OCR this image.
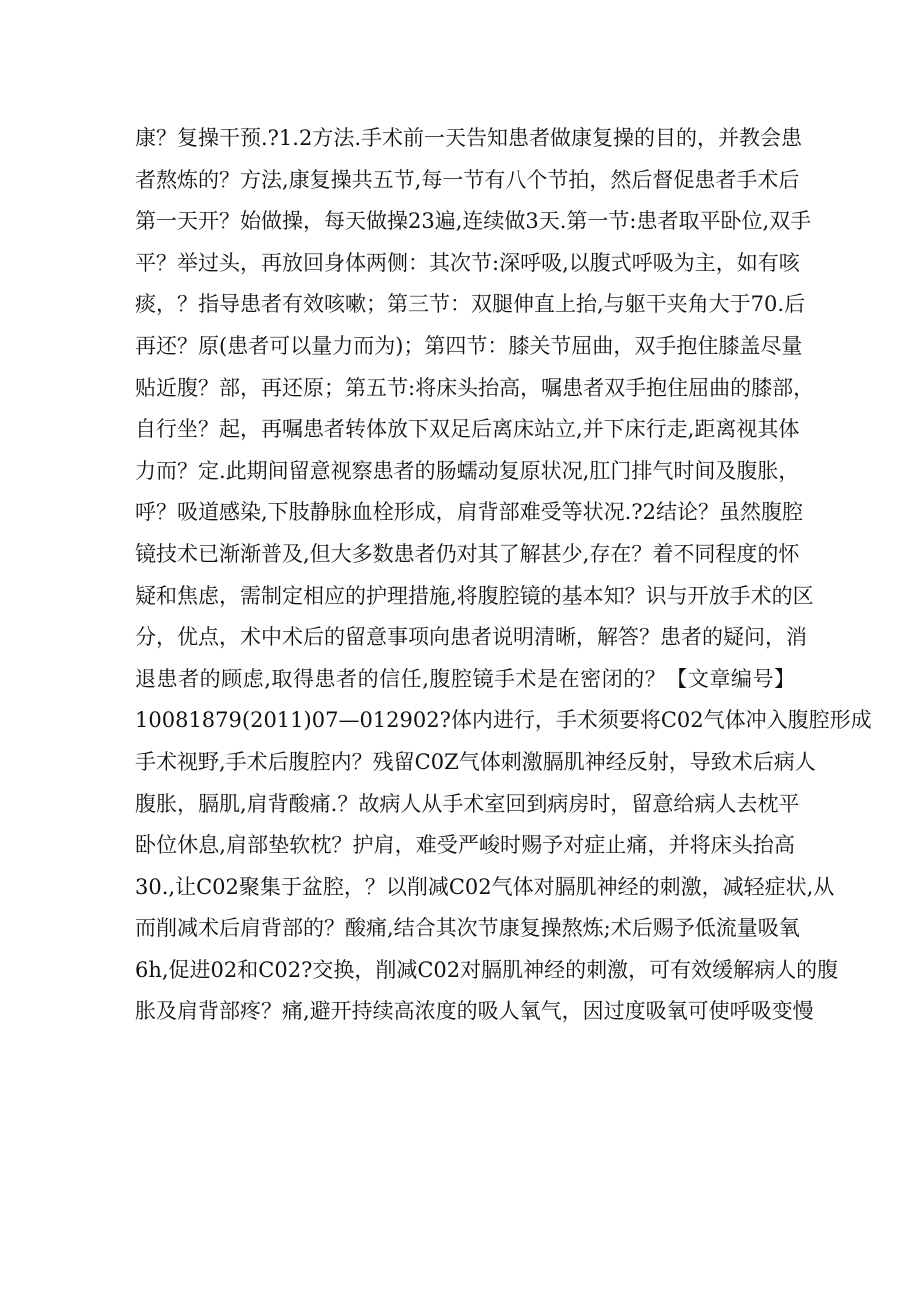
康？复操干预.?1.2方法.手术前一天告知患者做康复操的目的，并教会患
者熬炼的？方法,康复操共五节,每一节有八个节拍，然后督促患者手术后
第一天开？始做操，每天做操23遍,连续做3天.第一节:患者取平卧位,双手
平？举过头，再放回身体两侧：其次节:深呼吸,以腹式呼吸为主，如有咳
痰，？指导患者有效咳嗽；第三节：双腿伸直上抬,与躯干夹角大于70.后
再还？原(患者可以量力而为)；第四节：膝关节屈曲，双手抱住膝盖尽量
贴近腹？部，再还原；第五节:将床头抬高，嘱患者双手抱住屈曲的膝部，
自行坐？起，再嘱患者转体放下双足后离床站立,并下床行走,距离视其体
力而？定.此期间留意视察患者的肠蠕动复原状况,肛门排气时间及腹胀，
呼？吸道感染,下肢静脉血栓形成，肩背部难受等状况.?2结论？虽然腹腔
镜技术已渐渐普及,但大多数患者仍对其了解甚少,存在？着不同程度的怀
疑和焦虑，需制定相应的护理措施,将腹腔镜的基本知？识与开放手术的区
分，优点，术中术后的留意事项向患者说明清晰，解答？患者的疑问，消
退患者的顾虑,取得患者的信任,腹腔镜手术是在密闭的？【文章编号】
10081879(2011)07—012902?体内进行，手术须要将C02气体冲入腹腔形成
手术视野,手术后腹腔内？残留C0Z气体刺激膈肌神经反射，导致术后病人
腹胀，膈肌,肩背酸痛.？故病人从手术室回到病房时，留意给病人去枕平
卧位休息,肩部垫软枕？护肩，难受严峻时赐予对症止痛，并将床头抬高
30.,让C02聚集于盆腔，？以削减C02气体对膈肌神经的刺激，减轻症状,从
而削减术后肩背部的？酸痛,结合其次节康复操熬炼;术后赐予低流量吸氧
6h,促进02和C02?交换，削减C02对膈肌神经的刺激，可有效缓解病人的腹
胀及肩背部疼？痛,避开持续高浓度的吸人氧气，因过度吸氧可使呼吸变慢
